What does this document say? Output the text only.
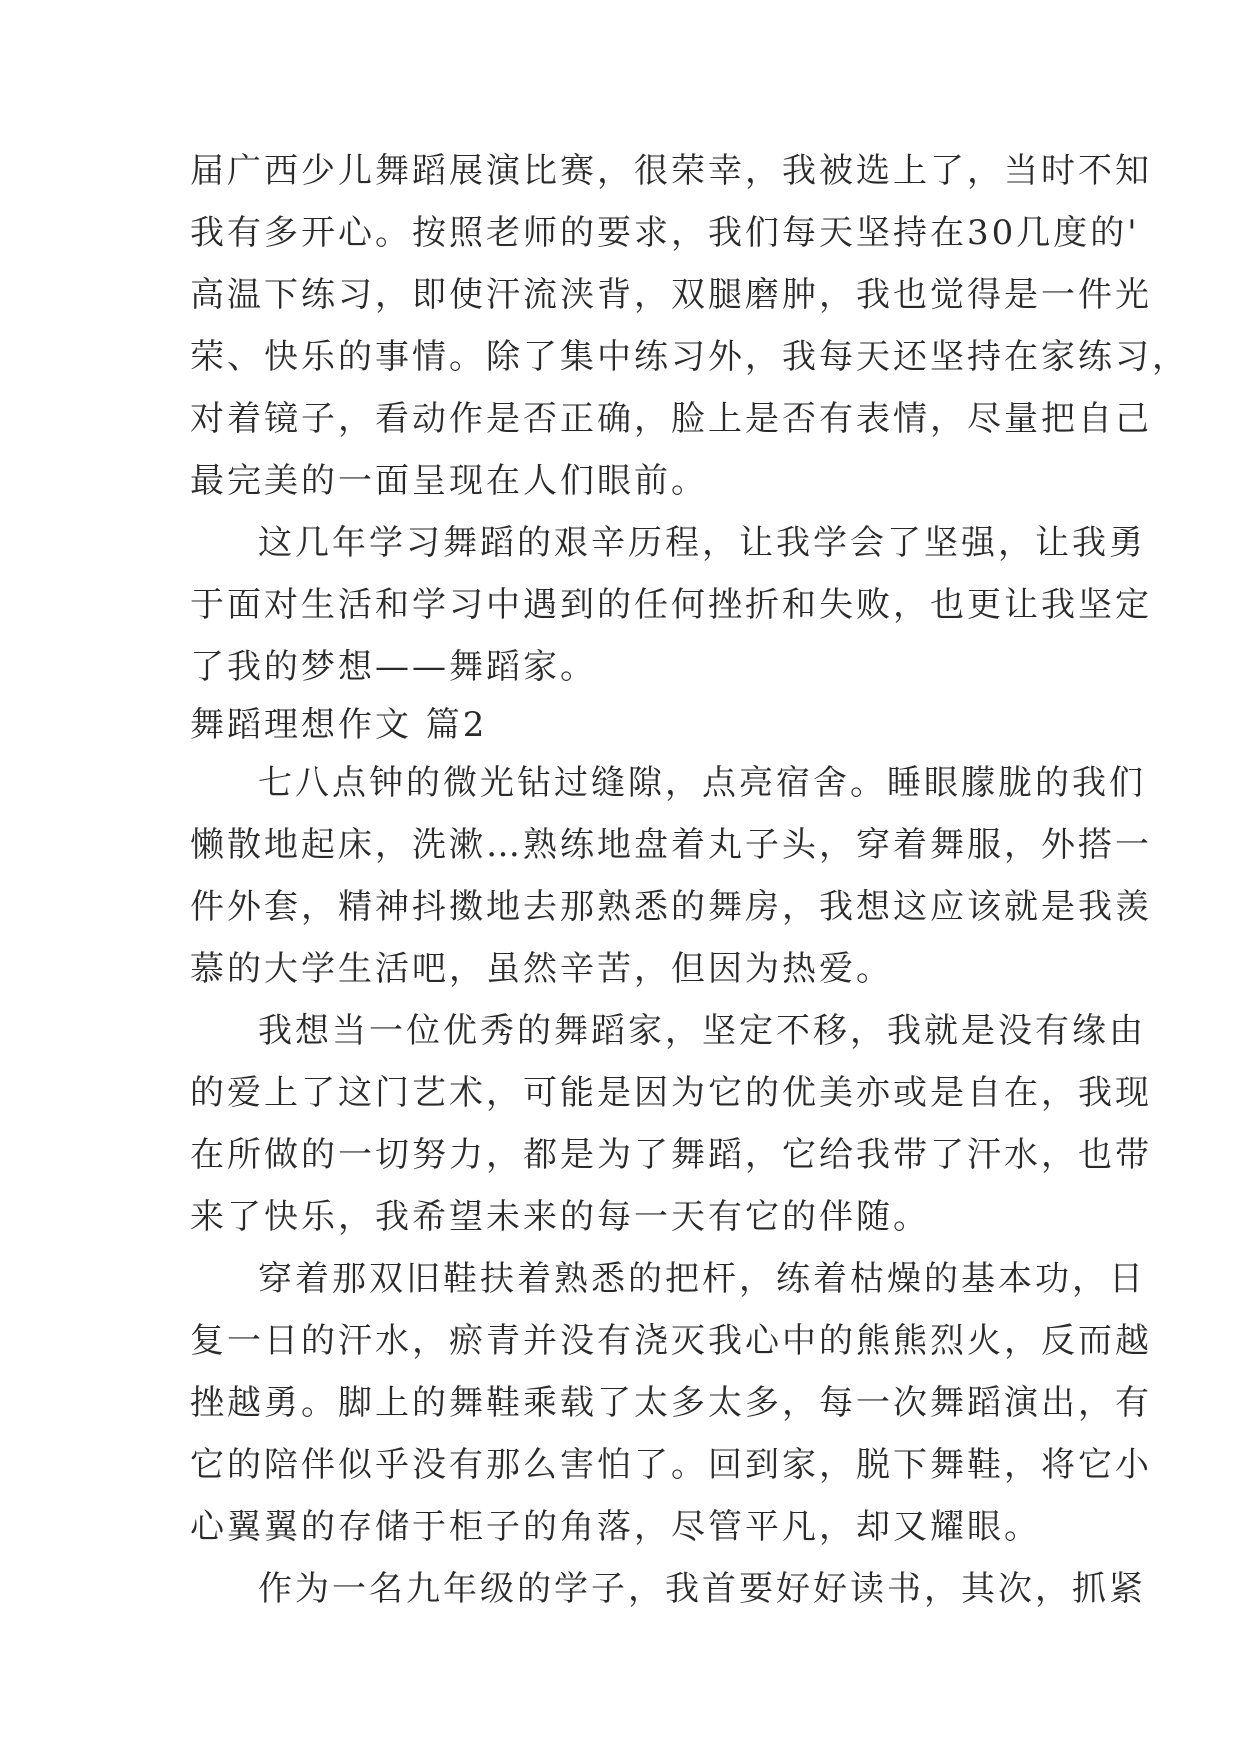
届广西少儿舞蹈展演比赛，很荣幸，我被选上了，当时不知
我有多开心。按照老师的要求，我们每天坚持在30几度的'
高温下练习，即使汗流浃背，双腿磨肿，我也觉得是一件光
荣、快乐的事情。除了集中练习外，我每天还坚持在家练习，
对着镜子，看动作是否正确，脸上是否有表情，尽量把自己
最完美的一面呈现在人们眼前。
这几年学习舞蹈的艰辛历程，让我学会了坚强，让我勇
于面对生活和学习中遇到的任何挫折和失败，也更让我坚定
了我的梦想——舞蹈家。
舞蹈理想作文 篇2
七八点钟的微光钻过缝隙，点亮宿舍。睡眼朦胧的我们
懒散地起床，洗漱…熟练地盘着丸子头，穿着舞服，外搭一
件外套，精神抖擞地去那熟悉的舞房，我想这应该就是我羡
慕的大学生活吧，虽然辛苦，但因为热爱。
我想当一位优秀的舞蹈家，坚定不移，我就是没有缘由
的爱上了这门艺术，可能是因为它的优美亦或是自在，我现
在所做的一切努力，都是为了舞蹈，它给我带了汗水，也带
来了快乐，我希望未来的每一天有它的伴随。
穿着那双旧鞋扶着熟悉的把杆，练着枯燥的基本功，日
复一日的汗水，瘀青并没有浇灭我心中的熊熊烈火，反而越
挫越勇。脚上的舞鞋乘载了太多太多，每一次舞蹈演出，有
它的陪伴似乎没有那么害怕了。回到家，脱下舞鞋，将它小
心翼翼的存储于柜子的角落，尽管平凡，却又耀眼。
作为一名九年级的学子，我首要好好读书，其次，抓紧
